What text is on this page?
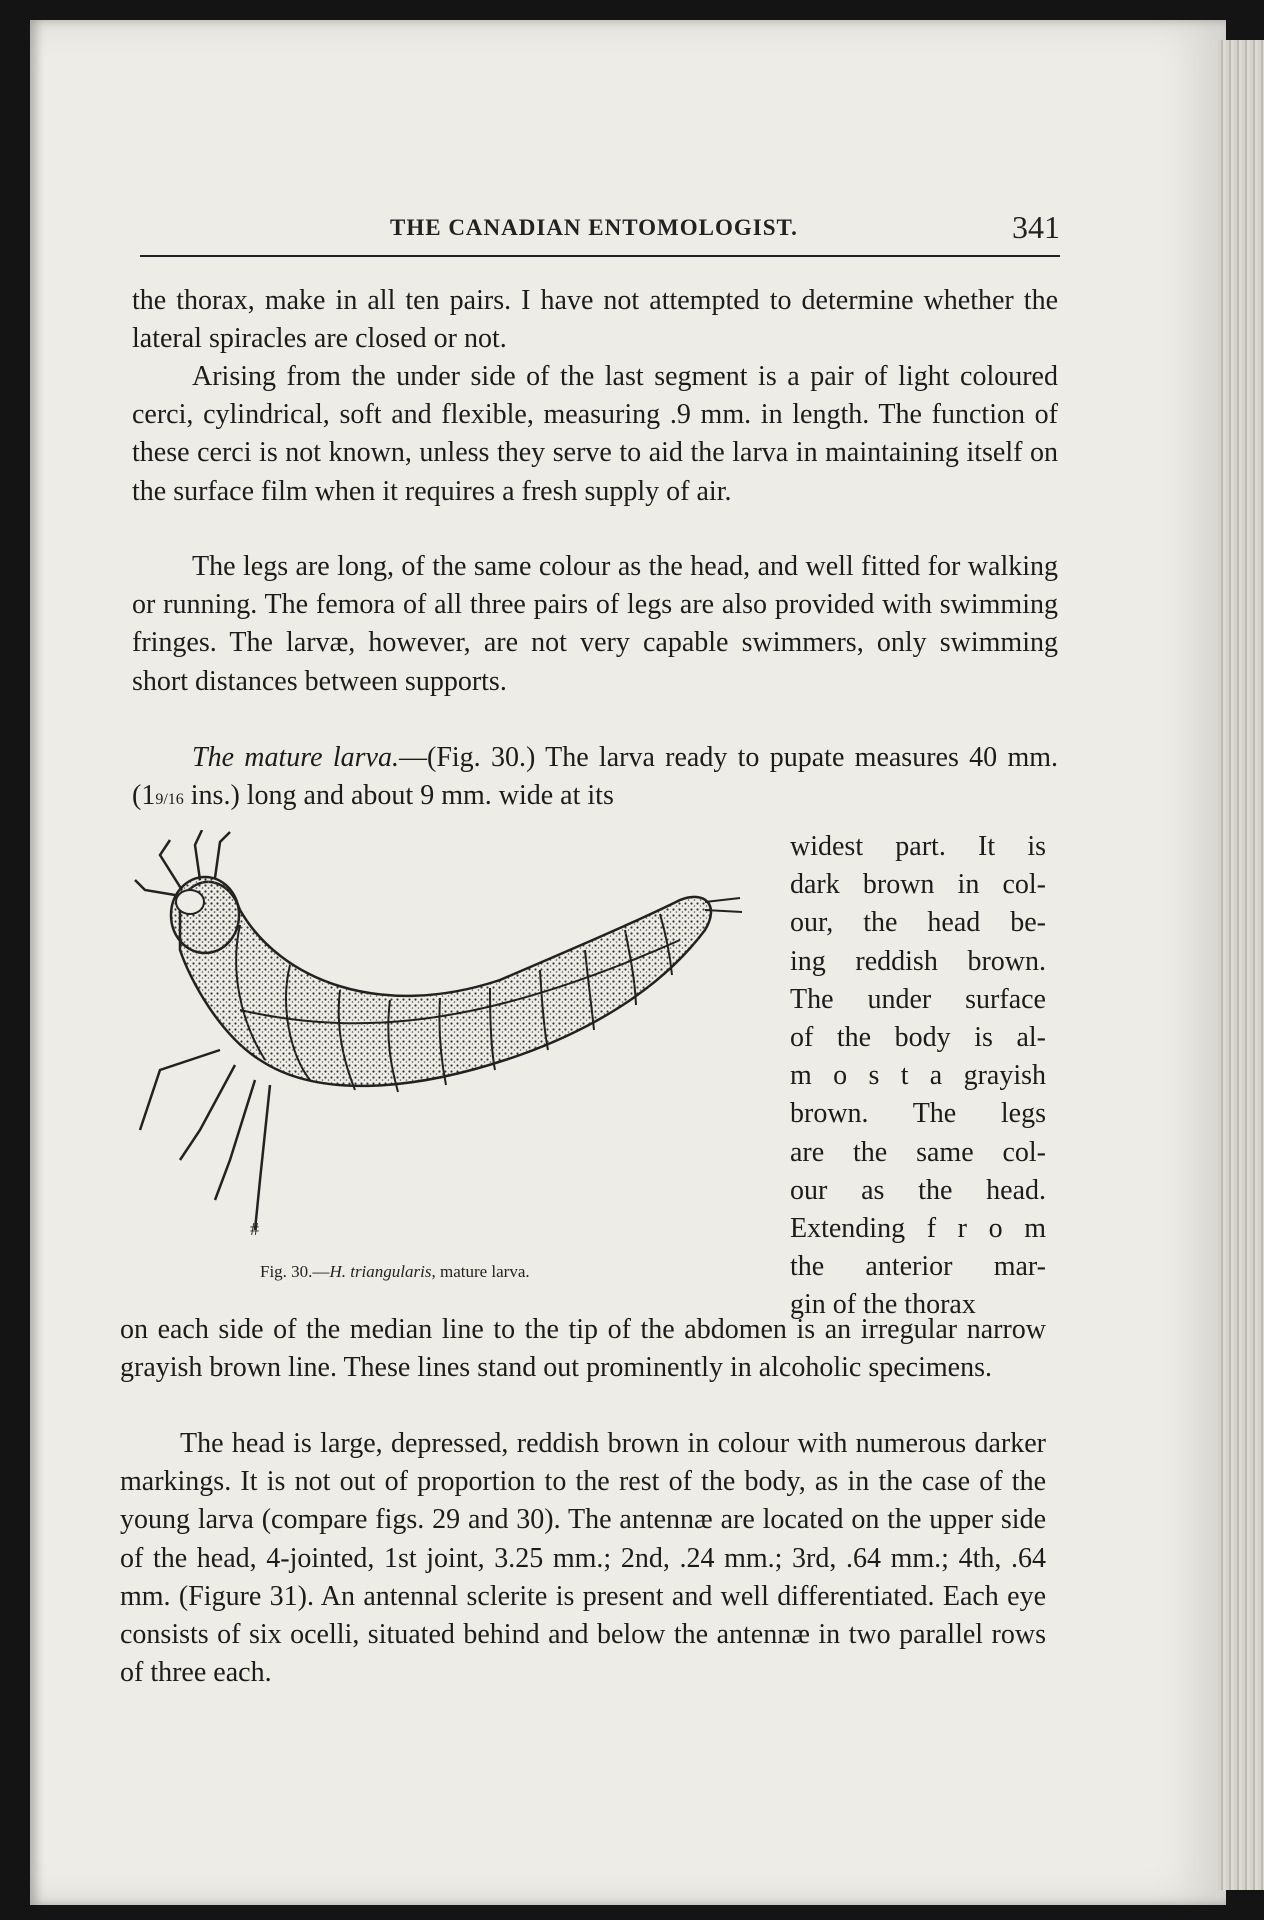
THE CANADIAN ENTOMOLOGIST.	341
the thorax, make in all ten pairs. I have not attempted to determine whether the lateral spiracles are closed or not.
Arising from the under side of the last segment is a pair of light coloured cerci, cylindrical, soft and flexible, measuring .9 mm. in length. The function of these cerci is not known, unless they serve to aid the larva in maintaining itself on the surface film when it requires a fresh supply of air.
The legs are long, of the same colour as the head, and well fitted for walking or running. The femora of all three pairs of legs are also provided with swimming fringes. The larvæ, however, are not very capable swimmers, only swimming short distances between supports.
The mature larva.—(Fig. 30.) The larva ready to pupate measures 40 mm. (19/16 ins.) long and about 9 mm. wide at its
widest part. It is
dark brown in col-
our, the head be-
ing reddish brown.
The under surface
of the body is al-
m o s t a grayish
brown. The legs
are the same col-
our as the head.
Extending f r o m
the anterior mar-
gin of the thorax
#
Fig. 30.—H. triangularis, mature larva.
on each side of the median line to the tip of the abdomen is an irregular narrow grayish brown line. These lines stand out prominently in alcoholic specimens.
The head is large, depressed, reddish brown in colour with numerous darker markings. It is not out of proportion to the rest of the body, as in the case of the young larva (compare figs. 29 and 30). The antennæ are located on the upper side of the head, 4-jointed, 1st joint, 3.25 mm.; 2nd, .24 mm.; 3rd, .64 mm.; 4th, .64 mm. (Figure 31). An antennal sclerite is present and well differentiated. Each eye consists of six ocelli, situated behind and below the antennæ in two parallel rows of three each.
